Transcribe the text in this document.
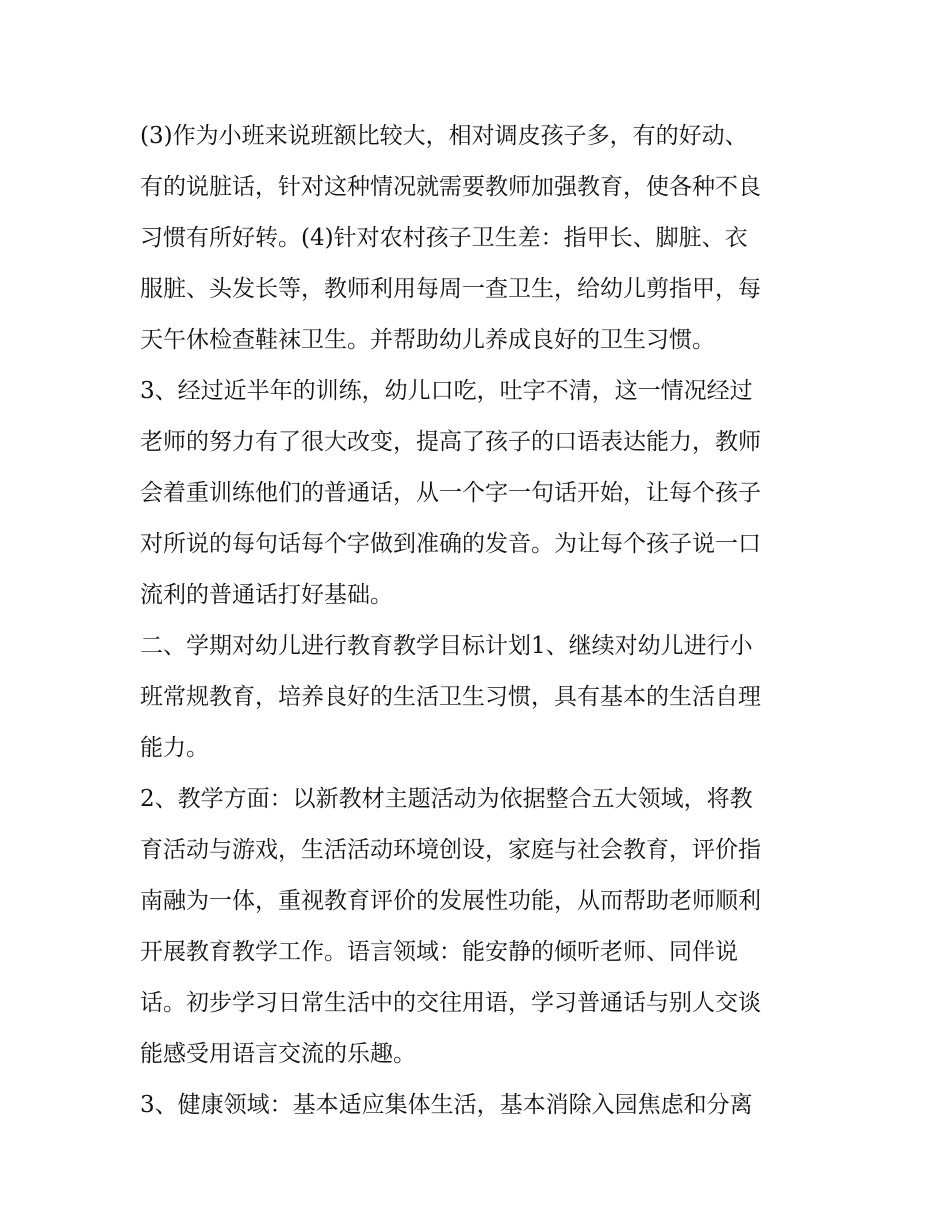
(3)作为小班来说班额比较大，相对调皮孩子多，有的好动、
有的说脏话，针对这种情况就需要教师加强教育，使各种不良
习惯有所好转。(4)针对农村孩子卫生差：指甲长、脚脏、衣
服脏、头发长等，教师利用每周一查卫生，给幼儿剪指甲，每
天午休检查鞋袜卫生。并帮助幼儿养成良好的卫生习惯。
3、经过近半年的训练，幼儿口吃，吐字不清，这一情况经过
老师的努力有了很大改变，提高了孩子的口语表达能力，教师
会着重训练他们的普通话，从一个字一句话开始，让每个孩子
对所说的每句话每个字做到准确的发音。为让每个孩子说一口
流利的普通话打好基础。
二、学期对幼儿进行教育教学目标计划1、继续对幼儿进行小
班常规教育，培养良好的生活卫生习惯，具有基本的生活自理
能力。
2、教学方面：以新教材主题活动为依据整合五大领域，将教
育活动与游戏，生活活动环境创设，家庭与社会教育，评价指
南融为一体，重视教育评价的发展性功能，从而帮助老师顺利
开展教育教学工作。语言领域：能安静的倾听老师、同伴说
话。初步学习日常生活中的交往用语，学习普通话与别人交谈
能感受用语言交流的乐趣。
3、健康领域：基本适应集体生活，基本消除入园焦虑和分离
